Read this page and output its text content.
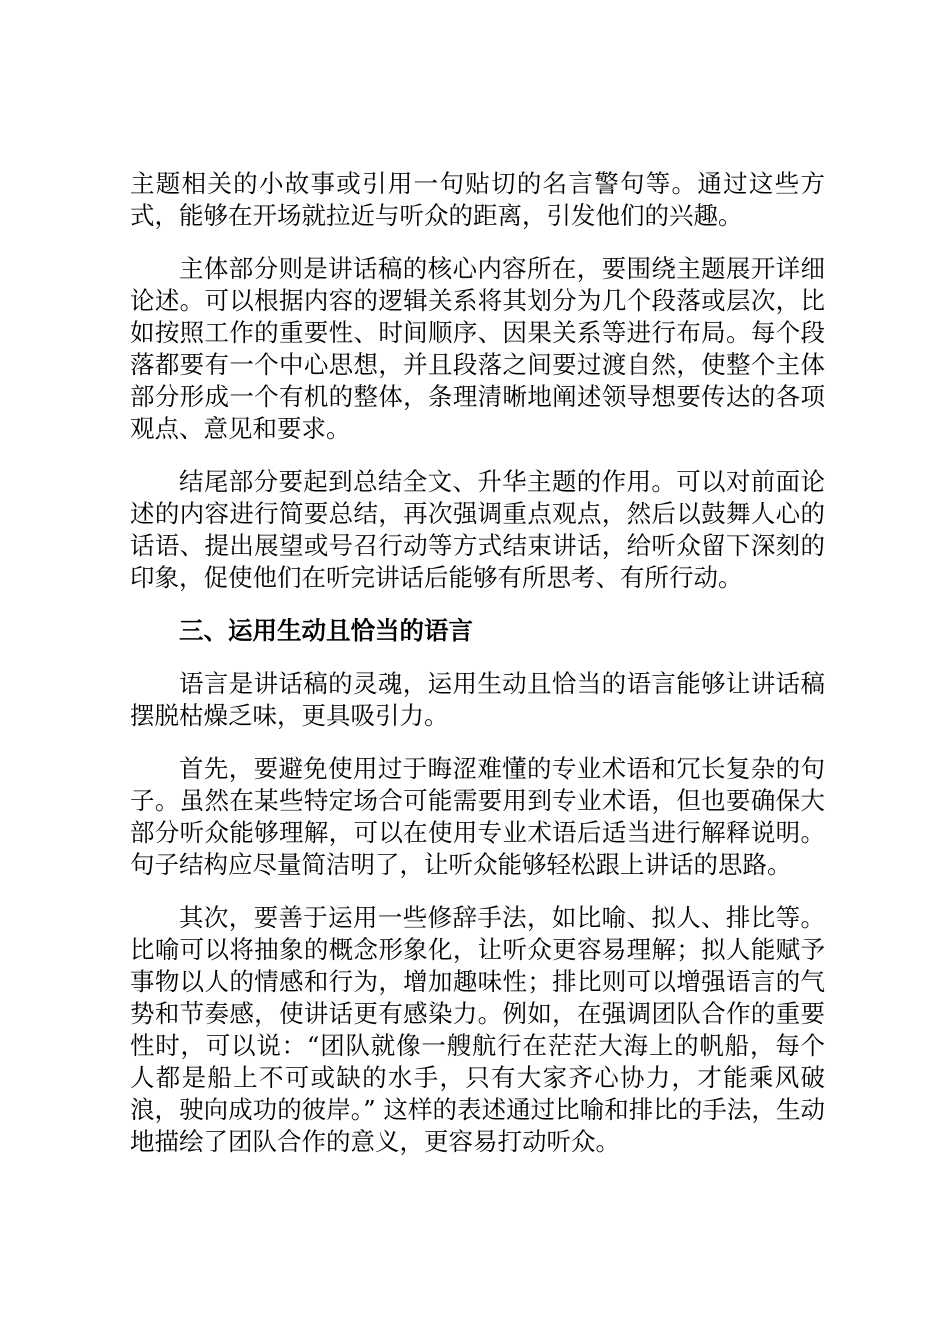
主题相关的小故事或引用一句贴切的名言警句等。通过这些方式，能够在开场就拉近与听众的距离，引发他们的兴趣。

主体部分则是讲话稿的核心内容所在，要围绕主题展开详细论述。可以根据内容的逻辑关系将其划分为几个段落或层次，比如按照工作的重要性、时间顺序、因果关系等进行布局。每个段落都要有一个中心思想，并且段落之间要过渡自然，使整个主体部分形成一个有机的整体，条理清晰地阐述领导想要传达的各项观点、意见和要求。

结尾部分要起到总结全文、升华主题的作用。可以对前面论述的内容进行简要总结，再次强调重点观点，然后以鼓舞人心的话语、提出展望或号召行动等方式结束讲话，给听众留下深刻的印象，促使他们在听完讲话后能够有所思考、有所行动。

三、运用生动且恰当的语言

语言是讲话稿的灵魂，运用生动且恰当的语言能够让讲话稿摆脱枯燥乏味，更具吸引力。

首先，要避免使用过于晦涩难懂的专业术语和冗长复杂的句子。虽然在某些特定场合可能需要用到专业术语，但也要确保大部分听众能够理解，可以在使用专业术语后适当进行解释说明。句子结构应尽量简洁明了，让听众能够轻松跟上讲话的思路。

其次，要善于运用一些修辞手法，如比喻、拟人、排比等。比喻可以将抽象的概念形象化，让听众更容易理解；拟人能赋予事物以人的情感和行为，增加趣味性；排比则可以增强语言的气势和节奏感，使讲话更有感染力。例如，在强调团队合作的重要性时，可以说：“团队就像一艘航行在茫茫大海上的帆船，每个人都是船上不可或缺的水手，只有大家齐心协力，才能乘风破浪，驶向成功的彼岸。” 这样的表述通过比喻和排比的手法，生动地描绘了团队合作的意义，更容易打动听众。
